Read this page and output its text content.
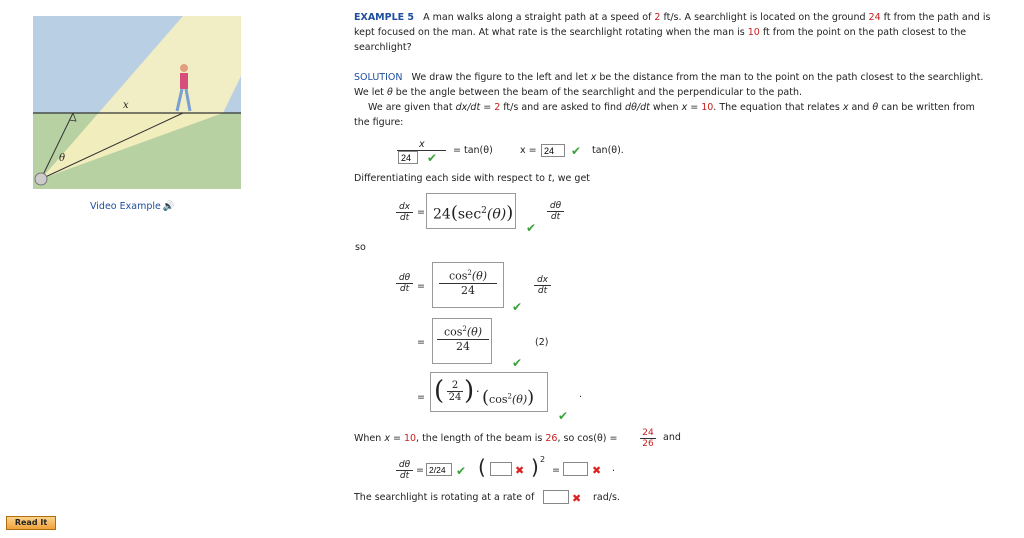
x
θ
Video Example 🔊
EXAMPLE 5 A man walks along a straight path at a speed of 2 ft/s. A searchlight is located on the ground 24 ft from the path and is
kept focused on the man. At what rate is the searchlight rotating when the man is 10 ft from the point on the path closest to the
searchlight?
SOLUTION We draw the figure to the left and let x be the distance from the man to the point on the path closest to the searchlight.
We let θ be the angle between the beam of the searchlight and the perpendicular to the path.
We are given that dx/dt = 2 ft/s and are asked to find dθ/dt when x = 10. The equation that relates x and θ can be written from
the figure:
x
24
✔
= tan(θ)	x =
24	✔ tan(θ).
Differentiating each side with respect to t, we get
$\frac{dx}{dt} = 24(\sec^2(\theta))$
✔
$\frac{d\theta}{dt}$
so
$\frac{d\theta}{dt} = \frac{\cos^2(\theta)}{24}$
✔
$\frac{dx}{dt}$
= $\frac{\cos^2(\theta)}{24}$
✔
(2)
= ( $\frac{2}{24}$ ) · $(\cos^2(\theta))$	.
✔
When x = 10, the length of the beam is 26, so cos(θ) =	$\frac{24}{26}$ and
$\frac{d\theta}{dt}$ =
2/24	✔ (	✖ ) 2
=	✖ .
The searchlight is rotating at a rate of	✖ rad/s.
Read It
